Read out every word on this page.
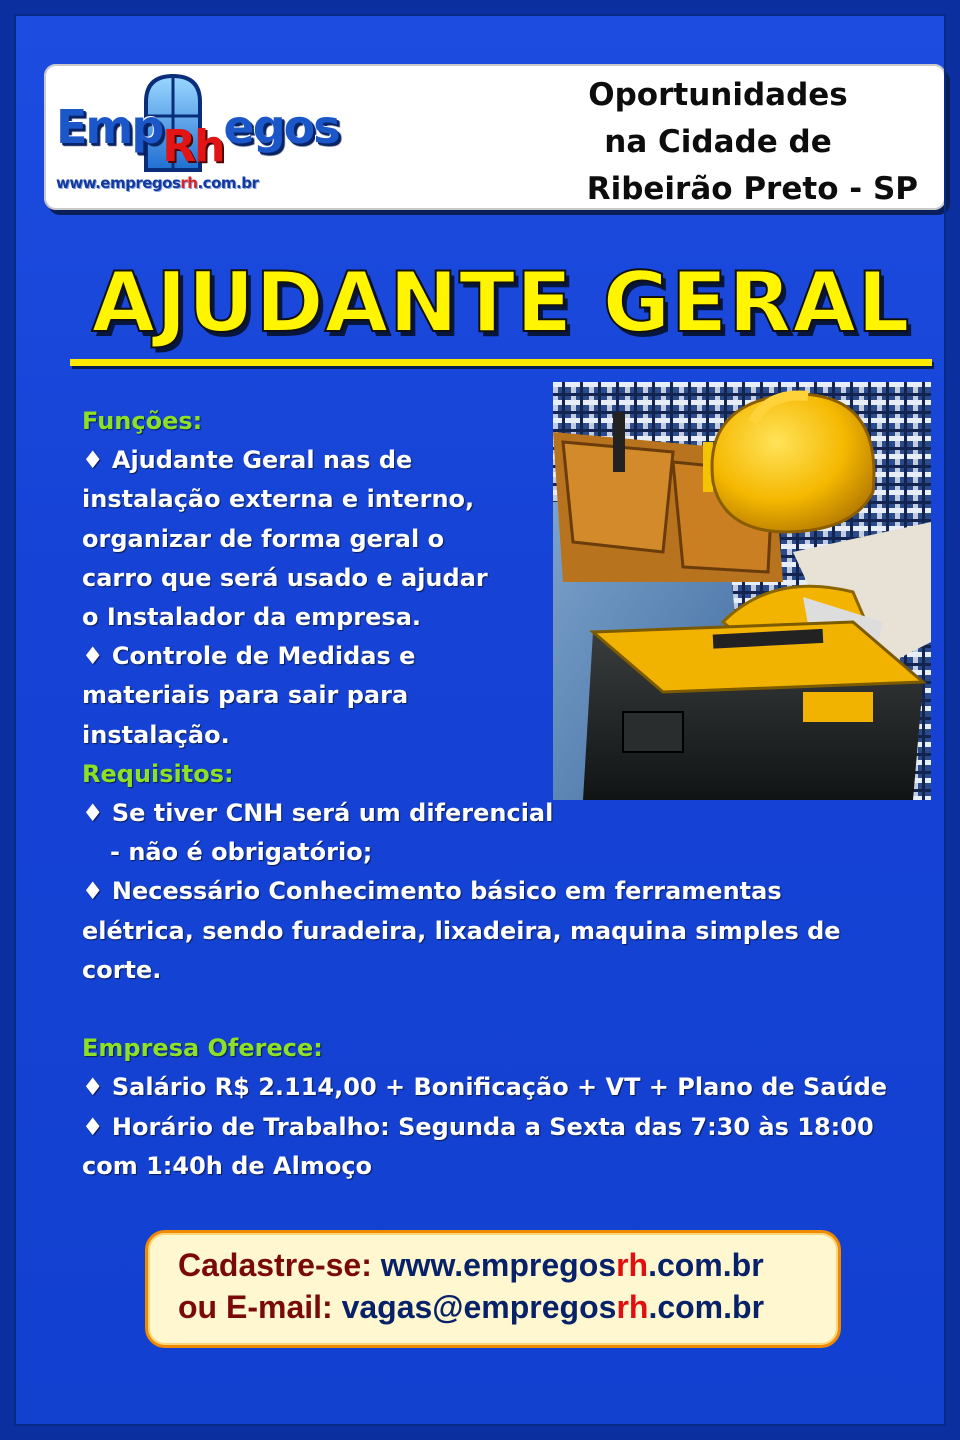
EmpRhegos
www.empregosrh.com.br
Oportunidades
na Cidade de
Ribeirão Preto - SP
AJUDANTE GERAL
Funções:
♦ Ajudante Geral nas de
instalação externa e interno,
organizar de forma geral o
carro que será usado e ajudar
o Instalador da empresa.
♦ Controle de Medidas e
materiais para sair para
instalação.
Requisitos:
♦ Se tiver CNH será um diferencial
- não é obrigatório;
♦ Necessário Conhecimento básico em ferramentas
elétrica, sendo furadeira, lixadeira, maquina simples de
corte.
Empresa Oferece:
♦ Salário R$ 2.114,00 + Bonificação + VT + Plano de Saúde
♦ Horário de Trabalho: Segunda a Sexta das 7:30 às 18:00
com 1:40h de Almoço
Cadastre-se: www.empregosrh.com.br
ou E-mail: vagas@empregosrh.com.br
